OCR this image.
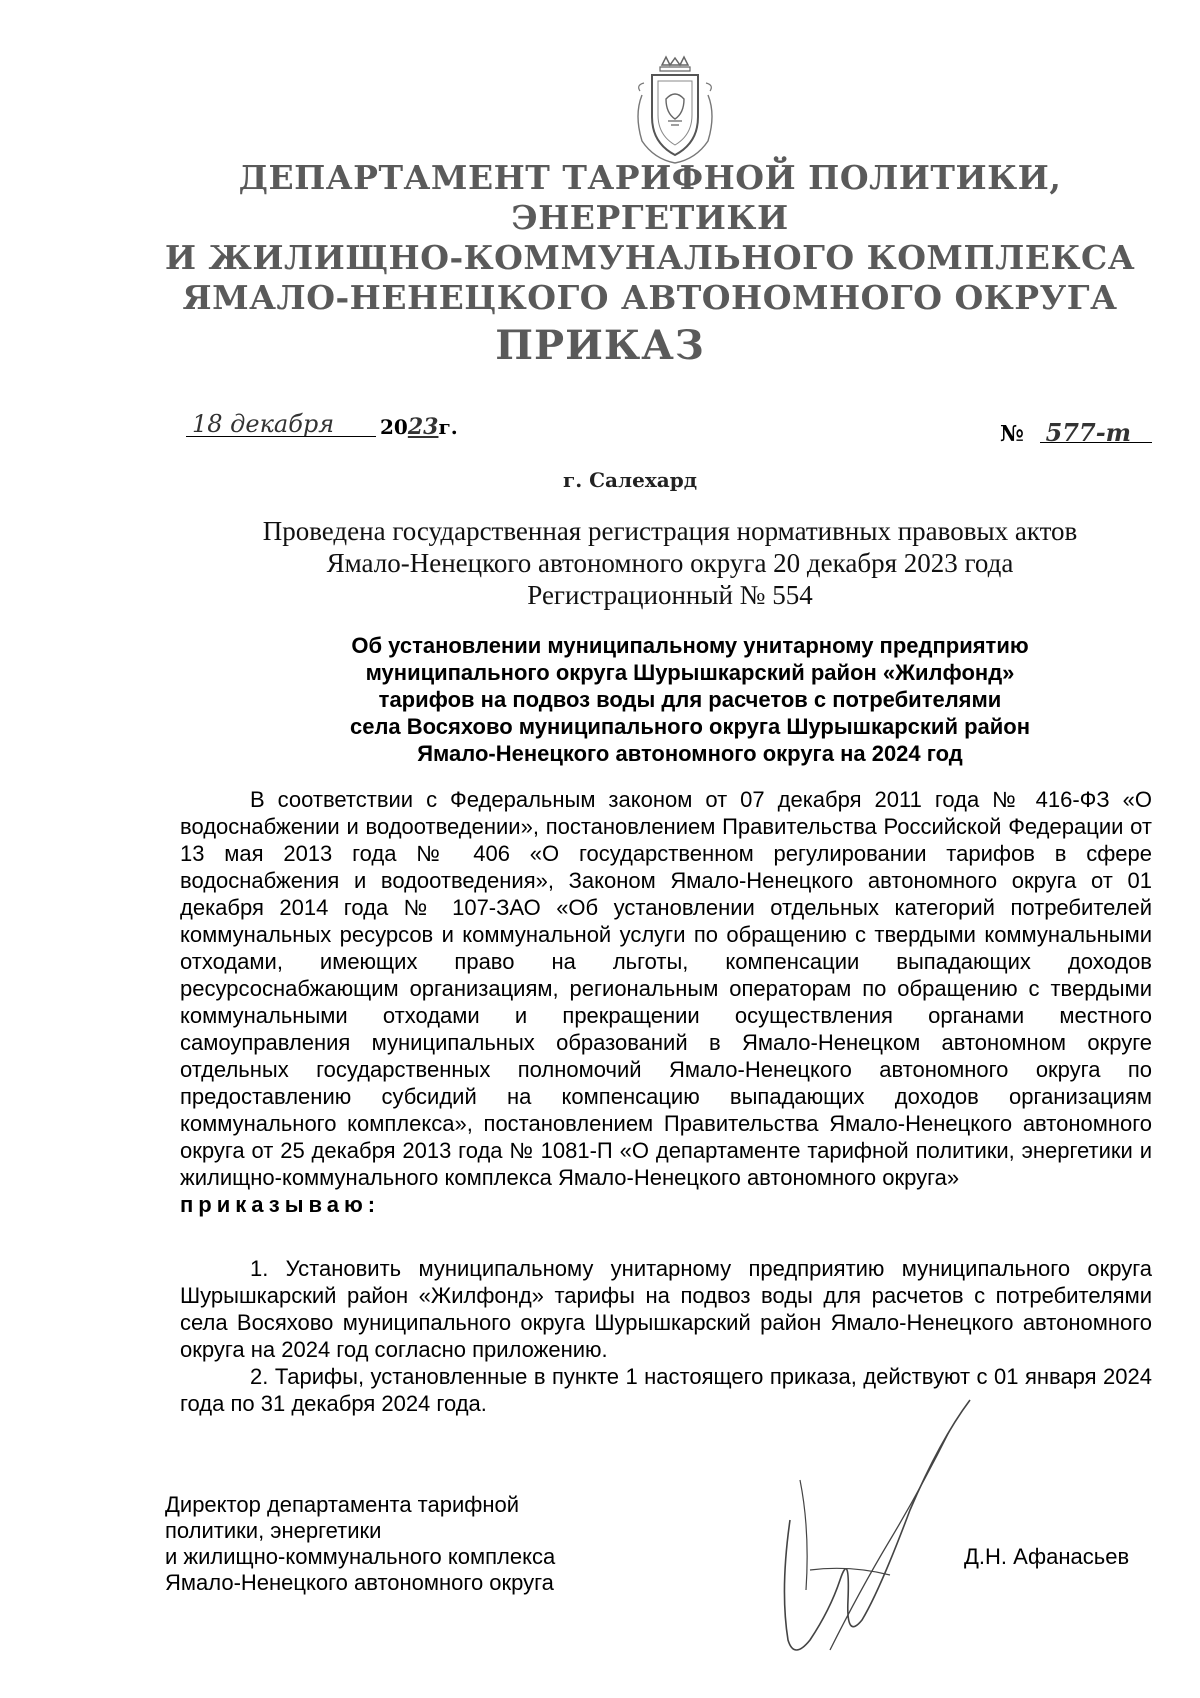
ДЕПАРТАМЕНТ ТАРИФНОЙ ПОЛИТИКИ, ЭНЕРГЕТИКИ
И ЖИЛИЩНО-КОММУНАЛЬНОГО КОМПЛЕКСА
ЯМАЛО-НЕНЕЦКОГО АВТОНОМНОГО ОКРУГА
ПРИКАЗ
18 декабря 2023г.	№ 577-т
г. Салехард
Проведена государственная регистрация нормативных правовых актов
Ямало-Ненецкого автономного округа 20 декабря 2023 года
Регистрационный № 554
Об установлении муниципальному унитарному предприятию
муниципального округа Шурышкарский район «Жилфонд»
тарифов на подвоз воды для расчетов с потребителями
села Восяхово муниципального округа Шурышкарский район
Ямало-Ненецкого автономного округа на 2024 год

В соответствии с Федеральным законом от 07 декабря 2011 года № 416-ФЗ «О водоснабжении и водоотведении», постановлением Правительства Российской Федерации от 13 мая 2013 года № 406 «О государственном регулировании тарифов в сфере водоснабжения и водоотведения», Законом Ямало-Ненецкого автономного округа от 01 декабря 2014 года № 107-ЗАО «Об установлении отдельных категорий потребителей коммунальных ресурсов и коммунальной услуги по обращению с твердыми коммунальными отходами, имеющих право на льготы, компенсации выпадающих доходов ресурсоснабжающим организациям, региональным операторам по обращению с твердыми коммунальными отходами и прекращении осуществления органами местного самоуправления муниципальных образований в Ямало-Ненецком автономном округе отдельных государственных полномочий Ямало-Ненецкого автономного округа по предоставлению субсидий на компенсацию выпадающих доходов организациям коммунального комплекса», постановлением Правительства Ямало-Ненецкого автономного округа от 25 декабря 2013 года № 1081-П «О департаменте тарифной политики, энергетики и жилищно-коммунального комплекса Ямало-Ненецкого автономного округа»

приказываю:

1. Установить муниципальному унитарному предприятию муниципального округа Шурышкарский район «Жилфонд» тарифы на подвоз воды для расчетов с потребителями села Восяхово муниципального округа Шурышкарский район Ямало-Ненецкого автономного округа на 2024 год согласно приложению.

2. Тарифы, установленные в пункте 1 настоящего приказа, действуют с 01 января 2024 года по 31 декабря 2024 года.

Директор департамента тарифной
политики, энергетики
и жилищно-коммунального комплекса
Ямало-Ненецкого автономного округа
Д.Н. Афанасьев
